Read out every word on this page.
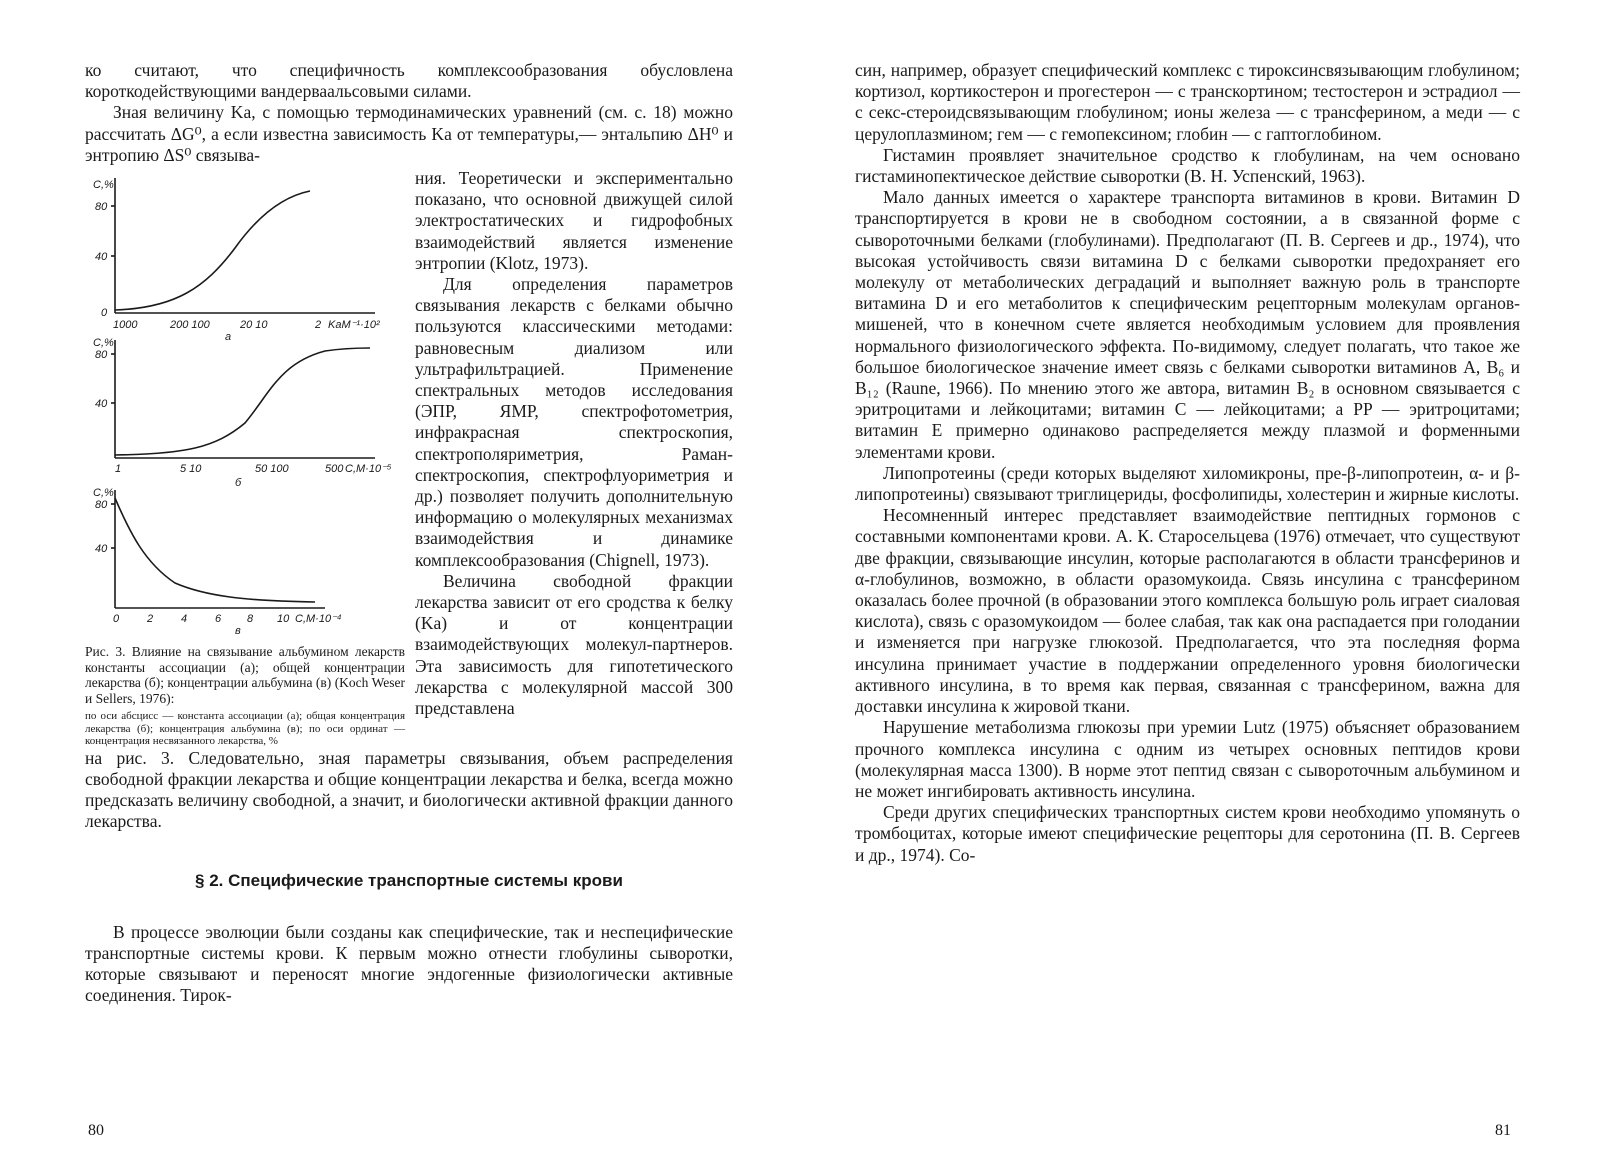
ко считают, что специфичность комплексообразования обусловлена короткодействующими вандерваальсовыми силами.

Зная величину Kа, с помощью термодинамических уравнений (см. с. 18) можно рассчитать ΔG⁰, а если известна зависимость Kа от температуры,— энтальпию ΔH⁰ и энтропию ΔS⁰ связыва-

C,%
80
40
0
1000	200 100	20 10	2 KaM⁻¹·10²
а
C,%
80
40
1	5 10	50 100	500 C,M·10⁻⁵
б
C,%
80
40
0	2	4	6 8 10 C,M·10⁻⁴
в

Рис. 3. Влияние на связывание альбумином лекарств константы ассоциации (а); общей концентрации лекарства (б); концентрации альбумина (в) (Koch Weser и Sellers, 1976):

по оси абсцисс — константа ассоциации (а); общая концентрация лекарства (б); концентрация альбумина (в); по оси ординат — концентрация несвязанного лекарства, %

ния. Теоретически и экспериментально показано, что основной движущей силой электростатических и гидрофобных взаимодействий является изменение энтропии (Klotz, 1973).

Для определения параметров связывания лекарств с белками обычно пользуются классическими методами: равновесным диализом или ультрафильтрацией. Применение спектральных методов исследования (ЭПР, ЯМР, спектрофотометрия, инфракрасная спектроскопия, спектрополяриметрия, Раман-спектроскопия, спектрофлуориметрия и др.) позволяет получить дополнительную информацию о молекулярных механизмах взаимодействия и динамике комплексообразования (Chignell, 1973).

Величина свободной фракции лекарства зависит от его сродства к белку (Kа) и от концентрации взаимодействующих молекул-партнеров. Эта зависимость для гипотетического лекарства с молекулярной массой 300 представлена

на рис. 3. Следовательно, зная параметры связывания, объем распределения свободной фракции лекарства и общие концентрации лекарства и белка, всегда можно предсказать величину свободной, а значит, и биологически активной фракции данного лекарства.

§ 2. Специфические транспортные системы крови

В процессе эволюции были созданы как специфические, так и неспецифические транспортные системы крови. К первым можно отнести глобулины сыворотки, которые связывают и переносят многие эндогенные физиологически активные соединения. Тирок-

80

син, например, образует специфический комплекс с тироксинсвязывающим глобулином; кортизол, кортикостерон и прогестерон — с транскортином; тестостерон и эстрадиол — с секс-стероидсвязывающим глобулином; ионы железа — с трансферином, а меди — с церулоплазмином; гем — с гемопексином; глобин — с гаптоглобином.

Гистамин проявляет значительное сродство к глобулинам, на чем основано гистаминопектическое действие сыворотки (В. Н. Успенский, 1963).

Мало данных имеется о характере транспорта витаминов в крови. Витамин D транспортируется в крови не в свободном состоянии, а в связанной форме с сывороточными белками (глобулинами). Предполагают (П. В. Сергеев и др., 1974), что высокая устойчивость связи витамина D с белками сыворотки предохраняет его молекулу от метаболических деградаций и выполняет важную роль в транспорте витамина D и его метаболитов к специфическим рецепторным молекулам органов-мишеней, что в конечном счете является необходимым условием для проявления нормального физиологического эффекта. По-видимому, следует полагать, что такое же большое биологическое значение имеет связь с белками сыворотки витаминов A, B₆ и B₁₂ (Raune, 1966). По мнению этого же автора, витамин B₂ в основном связывается с эритроцитами и лейкоцитами; витамин C — лейкоцитами; а PP — эритроцитами; витамин E примерно одинаково распределяется между плазмой и форменными элементами крови.

Липопротеины (среди которых выделяют хиломикроны, пре-β-липопротеин, α- и β-липопротеины) связывают триглицериды, фосфолипиды, холестерин и жирные кислоты.

Несомненный интерес представляет взаимодействие пептидных гормонов с составными компонентами крови. А. К. Старосельцева (1976) отмечает, что существуют две фракции, связывающие инсулин, которые располагаются в области трансферинов и α-глобулинов, возможно, в области оразомукоида. Связь инсулина с трансферином оказалась более прочной (в образовании этого комплекса большую роль играет сиаловая кислота), связь с оразомукоидом — более слабая, так как она распадается при голодании и изменяется при нагрузке глюкозой. Предполагается, что эта последняя форма инсулина принимает участие в поддержании определенного уровня биологически активного инсулина, в то время как первая, связанная с трансферином, важна для доставки инсулина к жировой ткани.

Нарушение метаболизма глюкозы при уремии Lutz (1975) объясняет образованием прочного комплекса инсулина с одним из четырех основных пептидов крови (молекулярная масса 1300). В норме этот пептид связан с сывороточным альбумином и не может ингибировать активность инсулина.

Среди других специфических транспортных систем крови необходимо упомянуть о тромбоцитах, которые имеют специфические рецепторы для серотонина (П. В. Сергеев и др., 1974). Со-

81
